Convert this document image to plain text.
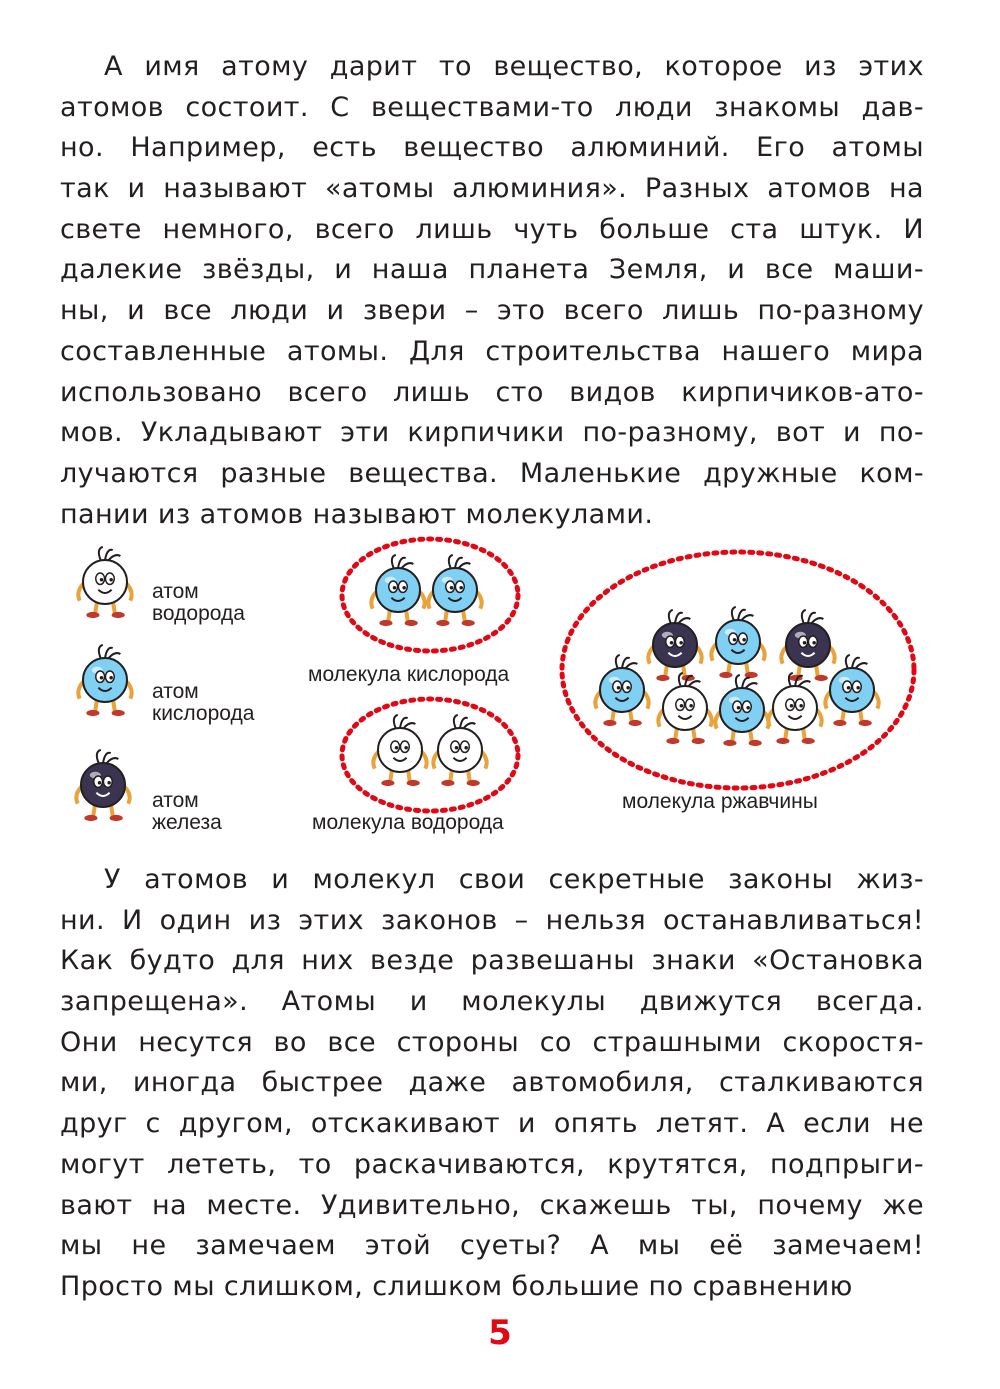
А имя атому дарит то вещество, которое из этих
атомов состоит. С веществами-то люди знакомы дав-
но. Например, есть вещество алюминий. Его атомы
так и называют «атомы алюминия». Разных атомов на
свете немного, всего лишь чуть больше ста штук. И
далекие звёзды, и наша планета Земля, и все маши-
ны, и все люди и звери – это всего лишь по-разному
составленные атомы. Для строительства нашего мира
использовано всего лишь сто видов кирпичиков-ато-
мов. Укладывают эти кирпичики по-разному, вот и по-
лучаются разные вещества. Маленькие дружные ком-
пании из атомов называют молекулами.
атом
водорода
атом
кислорода
атом
железа
молекула кислорода
молекула водорода
молекула ржавчины
У атомов и молекул свои секретные законы жиз-
ни. И один из этих законов – нельзя останавливаться!
Как будто для них везде развешаны знаки «Остановка
запрещена». Атомы и молекулы движутся всегда.
Они несутся во все стороны со страшными скоростя-
ми, иногда быстрее даже автомобиля, сталкиваются
друг с другом, отскакивают и опять летят. А если не
могут лететь, то раскачиваются, крутятся, подпрыги-
вают на месте. Удивительно, скажешь ты, почему же
мы не замечаем этой суеты? А мы её замечаем!
Просто мы слишком, слишком большие по сравнению
5
